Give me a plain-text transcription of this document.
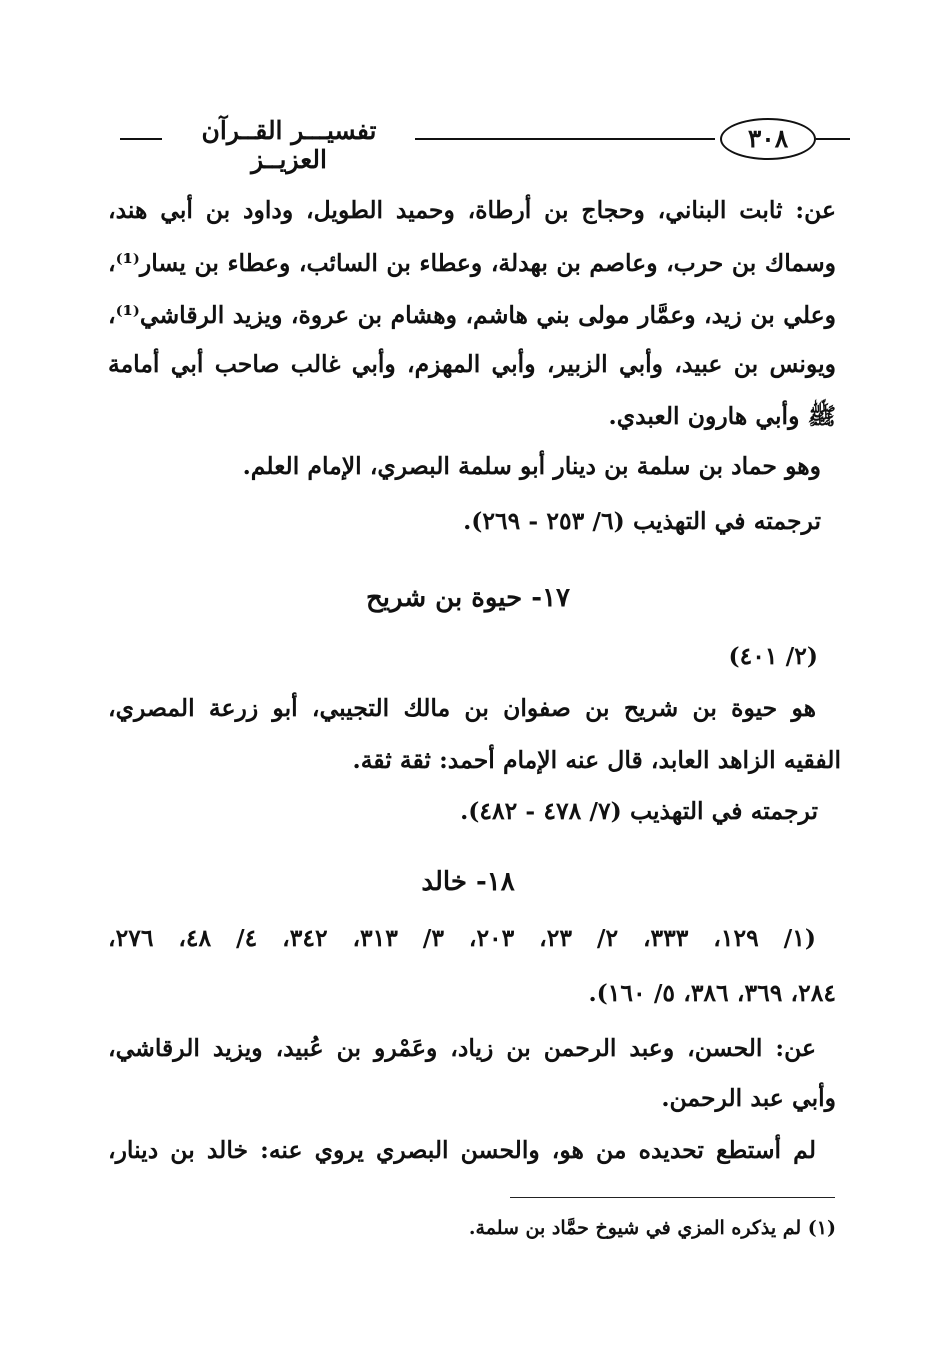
تفسيـــر القــرآن العزيــز
٣٠٨
عن: ثابت البناني، وحجاج بن أرطاة، وحميد الطويل، وداود بن أبي هند،
وسماك بن حرب، وعاصم بن بهدلة، وعطاء بن السائب، وعطاء بن يسار⁽¹⁾،
وعلي بن زيد، وعمَّار مولى بني هاشم، وهشام بن عروة، ويزيد الرقاشي⁽¹⁾،
ويونس بن عبيد، وأبي الزبير، وأبي المهزم، وأبي غالب صاحب أبي أمامة
ﷺ وأبي هارون العبدي.
وهو حماد بن سلمة بن دينار أبو سلمة البصري، الإمام العلم.
ترجمته في التهذيب (٦/ ٢٥٣ - ٢٦٩).
١٧- حيوة بن شريح
(٢/ ٤٠١)
هو حيوة بن شريح بن صفوان بن مالك التجيبي، أبو زرعة المصري،
الفقيه الزاهد العابد، قال عنه الإمام أحمد: ثقة ثقة.
ترجمته في التهذيب (٧/ ٤٧٨ - ٤٨٢).
١٨- خالد
(١/ ١٢٩، ٣٣٣، ٢/ ٢٣، ٢٠٣، ٣/ ٣١٣، ٣٤٢، ٤/ ٤٨، ٢٧٦،
٢٨٤، ٣٦٩، ٣٨٦، ٥/ ١٦٠).
عن: الحسن، وعبد الرحمن بن زياد، وعَمْرو بن عُبيد، ويزيد الرقاشي،
وأبي عبد الرحمن.
لم أستطع تحديده من هو، والحسن البصري يروي عنه: خالد بن دينار،
(١) لم يذكره المزي في شيوخ حمَّاد بن سلمة.
